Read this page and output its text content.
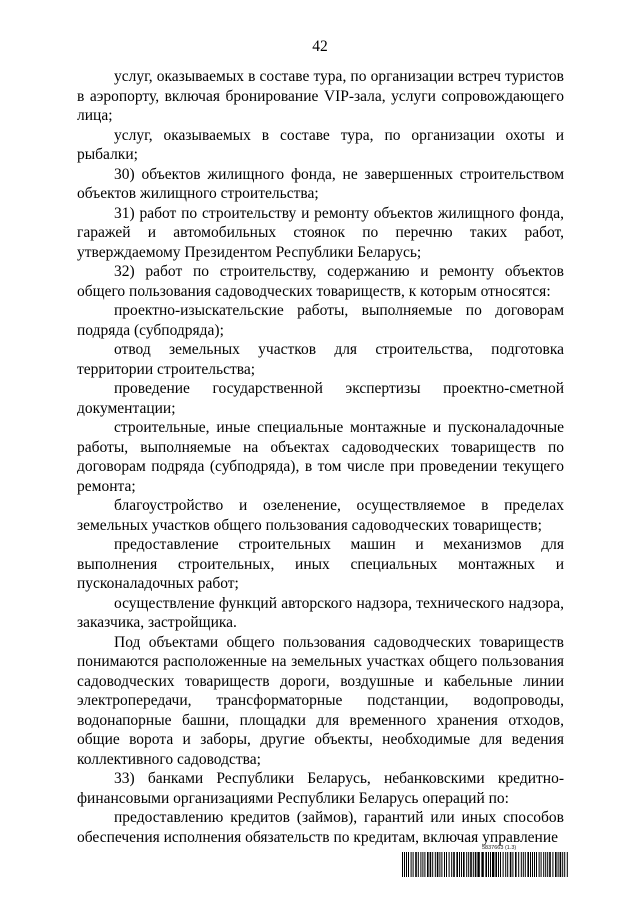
42

услуг, оказываемых в составе тура, по организации встреч туристов в аэропорту, включая бронирование VIP-зала, услуги сопровождающего лица;

услуг, оказываемых в составе тура, по организации охоты и рыбалки;

30) объектов жилищного фонда, не завершенных строительством объектов жилищного строительства;

31) работ по строительству и ремонту объектов жилищного фонда, гаражей и автомобильных стоянок по перечню таких работ, утверждаемому Президентом Республики Беларусь;

32) работ по строительству, содержанию и ремонту объектов общего пользования садоводческих товариществ, к которым относятся:

проектно-изыскательские работы, выполняемые по договорам подряда (субподряда);

отвод земельных участков для строительства, подготовка территории строительства;

проведение государственной экспертизы проектно-сметной документации;

строительные, иные специальные монтажные и пусконаладочные работы, выполняемые на объектах садоводческих товариществ по договорам подряда (субподряда), в том числе при проведении текущего ремонта;

благоустройство и озеленение, осуществляемое в пределах земельных участков общего пользования садоводческих товариществ;

предоставление строительных машин и механизмов для выполнения строительных, иных специальных монтажных и пусконаладочных работ;

осуществление функций авторского надзора, технического надзора, заказчика, застройщика.

Под объектами общего пользования садоводческих товариществ понимаются расположенные на земельных участках общего пользования садоводческих товариществ дороги, воздушные и кабельные линии электропередачи, трансформаторные подстанции, водопроводы, водонапорные башни, площадки для временного хранения отходов, общие ворота и заборы, другие объекты, необходимые для ведения коллективного садоводства;

33) банками Республики Беларусь, небанковскими кредитно-финансовыми организациями Республики Беларусь операций по:

предоставлению кредитов (займов), гарантий или иных способов обеспечения исполнения обязательств по кредитам, включая управление

5837663 (1.3)
